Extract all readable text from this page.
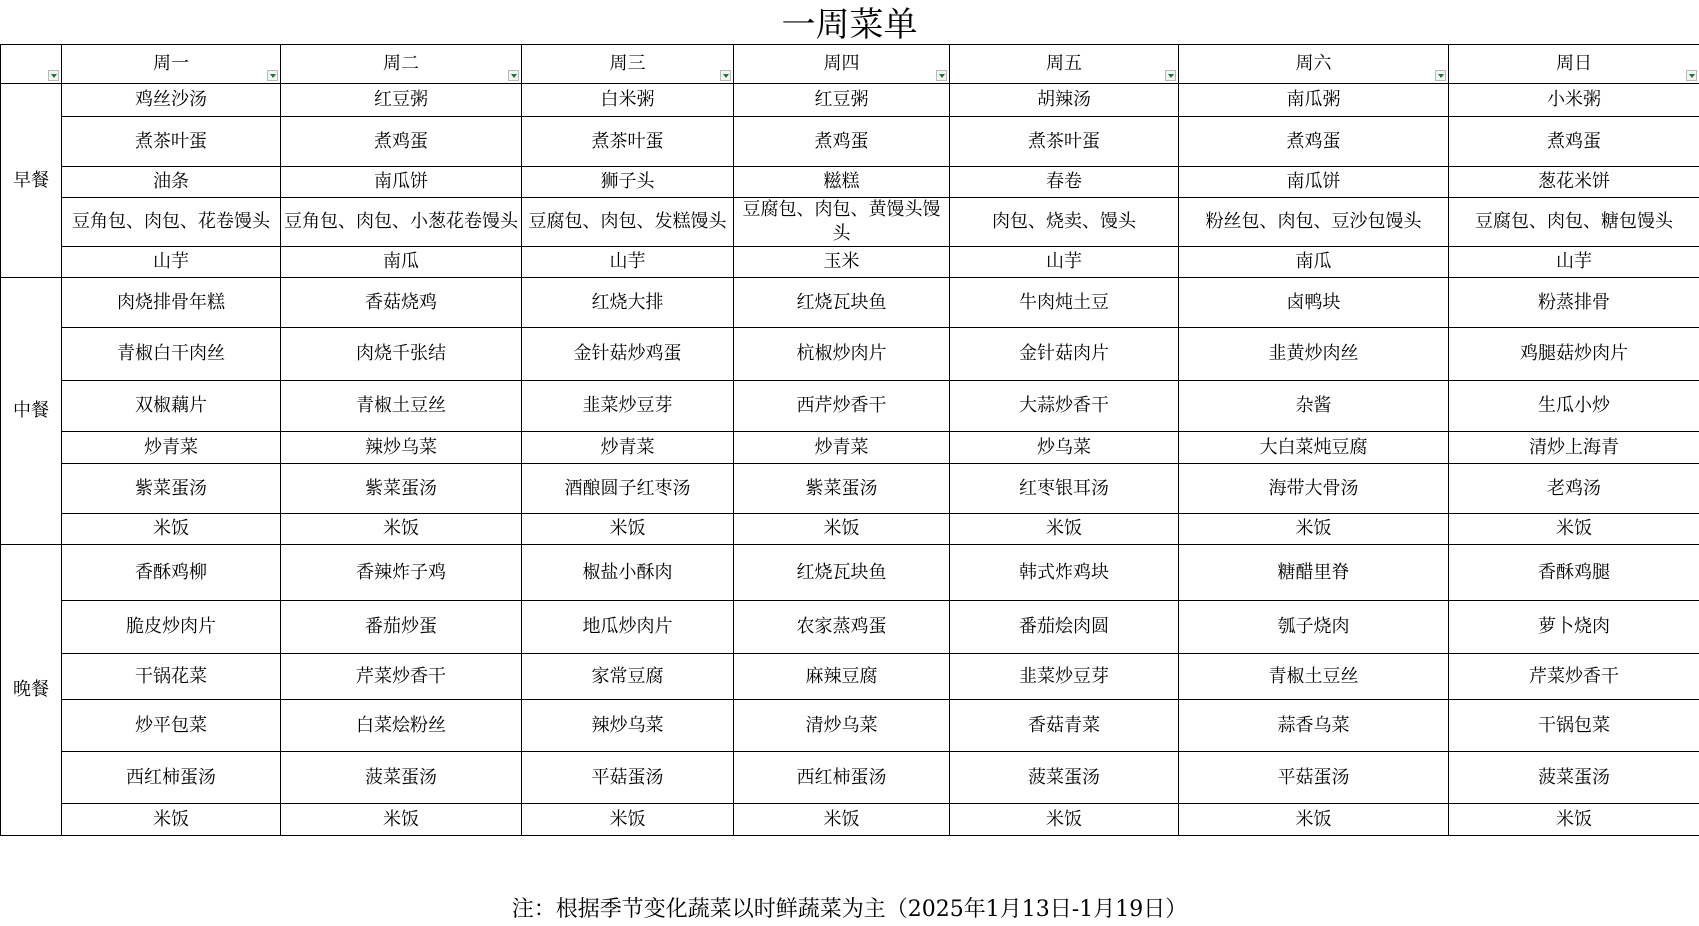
一周菜单
	周一	周二	周三	周四	周五	周六	周日

早餐	鸡丝沙汤	红豆粥	白米粥	红豆粥	胡辣汤	南瓜粥	小米粥
	煮茶叶蛋	煮鸡蛋	煮茶叶蛋	煮鸡蛋	煮茶叶蛋	煮鸡蛋	煮鸡蛋
	油条	南瓜饼	狮子头	糍糕	春卷	南瓜饼	葱花米饼
	豆角包、肉包、花卷馒头	豆角包、肉包、小葱花卷馒头	豆腐包、肉包、发糕馒头	豆腐包、肉包、黄馒头馒头	肉包、烧卖、馒头	粉丝包、肉包、豆沙包馒头	豆腐包、肉包、糖包馒头
	山芋	南瓜	山芋	玉米	山芋	南瓜	山芋
中餐	肉烧排骨年糕	香菇烧鸡	红烧大排	红烧瓦块鱼	牛肉炖土豆	卤鸭块	粉蒸排骨
	青椒白干肉丝	肉烧千张结	金针菇炒鸡蛋	杭椒炒肉片	金针菇肉片	韭黄炒肉丝	鸡腿菇炒肉片
	双椒藕片	青椒土豆丝	韭菜炒豆芽	西芹炒香干	大蒜炒香干	杂酱	生瓜小炒
	炒青菜	辣炒乌菜	炒青菜	炒青菜	炒乌菜	大白菜炖豆腐	清炒上海青
	紫菜蛋汤	紫菜蛋汤	酒酿圆子红枣汤	紫菜蛋汤	红枣银耳汤	海带大骨汤	老鸡汤
	米饭	米饭	米饭	米饭	米饭	米饭	米饭
晚餐	香酥鸡柳	香辣炸子鸡	椒盐小酥肉	红烧瓦块鱼	韩式炸鸡块	糖醋里脊	香酥鸡腿
	脆皮炒肉片	番茄炒蛋	地瓜炒肉片	农家蒸鸡蛋	番茄烩肉圆	瓠子烧肉	萝卜烧肉
	干锅花菜	芹菜炒香干	家常豆腐	麻辣豆腐	韭菜炒豆芽	青椒土豆丝	芹菜炒香干
	炒平包菜	白菜烩粉丝	辣炒乌菜	清炒乌菜	香菇青菜	蒜香乌菜	干锅包菜
	西红柿蛋汤	菠菜蛋汤	平菇蛋汤	西红柿蛋汤	菠菜蛋汤	平菇蛋汤	菠菜蛋汤
	米饭	米饭	米饭	米饭	米饭	米饭	米饭
注：根据季节变化蔬菜以时鲜蔬菜为主（2025年1月13日-1月19日）
